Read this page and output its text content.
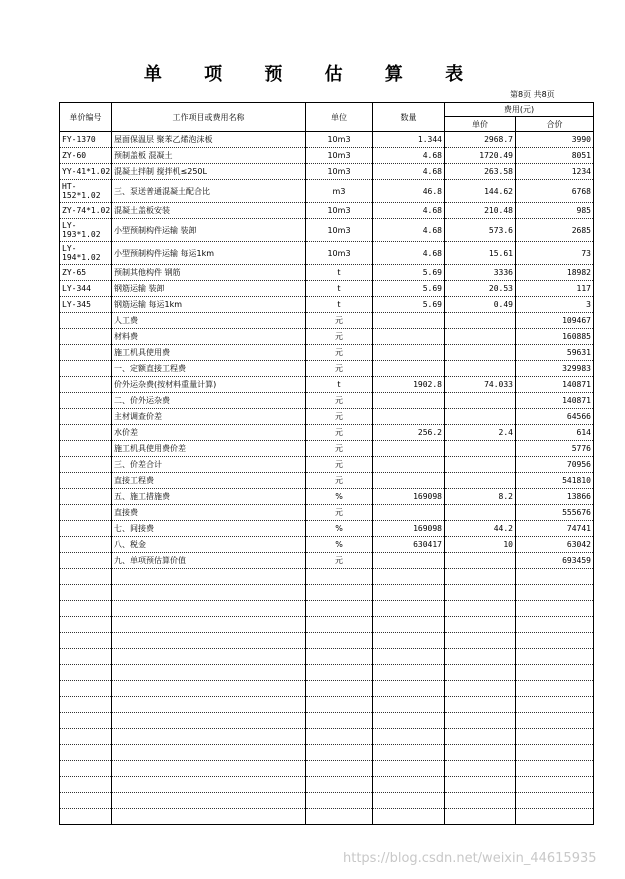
单 项 预 估 算 表
第8页 共8页
单价编号	工作项目或费用名称	单位	数量	费用(元)	
				单价	合价
FY-1370	屋面保温层 聚苯乙烯泡沫板	10m3	1.344	2968.7	3990
ZY-60	预制盖板 混凝土	10m3	4.68	1720.49	8051
YY-41*1.02	混凝土拌制 搅拌机≤250L	10m3	4.68	263.58	1234
HT-152*1.02	三、泵送普通混凝土配合比	m3	46.8	144.62	6768
ZY-74*1.02	混凝土盖板安装	10m3	4.68	210.48	985
LY-193*1.02	小型预制构件运输 装卸	10m3	4.68	573.6	2685
LY-194*1.02	小型预制构件运输 每运1km	10m3	4.68	15.61	73
ZY-65	预制其他构件 钢筋	t	5.69	3336	18982
LY-344	钢筋运输 装卸	t	5.69	20.53	117
LY-345	钢筋运输 每运1km	t	5.69	0.49	3
	人工费	元			109467
	材料费	元			160885
	施工机具使用费	元			59631
	一、定额直接工程费	元			329983
	价外运杂费(按材料重量计算)	t	1902.8	74.033	140871
	二、价外运杂费	元			140871
	主材调查价差	元			64566
	水价差	元	256.2	2.4	614
	施工机具使用费价差	元			5776
	三、价差合计	元			70956
	直接工程费	元			541810
	五、施工措施费	%	169098	8.2	13866
	直接费	元			555676
	七、间接费	%	169098	44.2	74741
	八、税金	%	630417	10	63042
	九、单项预估算价值	元			693459

https://blog.csdn.net/weixin_44615935
